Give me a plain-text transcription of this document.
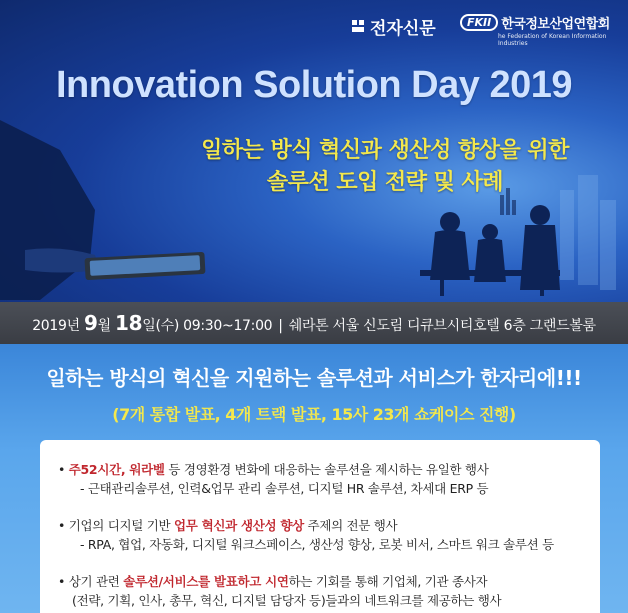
전자신문	FKII 한국정보산업연합회
he Federation of Korean Information Industries
Innovation Solution Day 2019
일하는 방식 혁신과 생산성 향상을 위한
솔루션 도입 전략 및 사례
2019년 9월 18일(수) 09:30~17:00 | 쉐라톤 서울 신도림 디큐브시티호텔 6층 그랜드볼룸
일하는 방식의 혁신을 지원하는 솔루션과 서비스가 한자리에!!!
(7개 통합 발표, 4개 트랙 발표, 15사 23개 쇼케이스 진행)
• 주52시간, 워라벨 등 경영환경 변화에 대응하는 솔루션을 제시하는 유일한 행사
- 근태관리솔루션, 인력&업무 관리 솔루션, 디지털 HR 솔루션, 차세대 ERP 등
• 기업의 디지털 기반 업무 혁신과 생산성 향상 주제의 전문 행사
- RPA, 협업, 자동화, 디지털 워크스페이스, 생산성 향상, 로봇 비서, 스마트 워크 솔루션 등
• 상기 관련 솔루션/서비스를 발표하고 시연하는 기회를 통해 기업체, 기관 종사자
(전략, 기획, 인사, 총무, 혁신, 디지털 담당자 등)들과의 네트워크를 제공하는 행사
